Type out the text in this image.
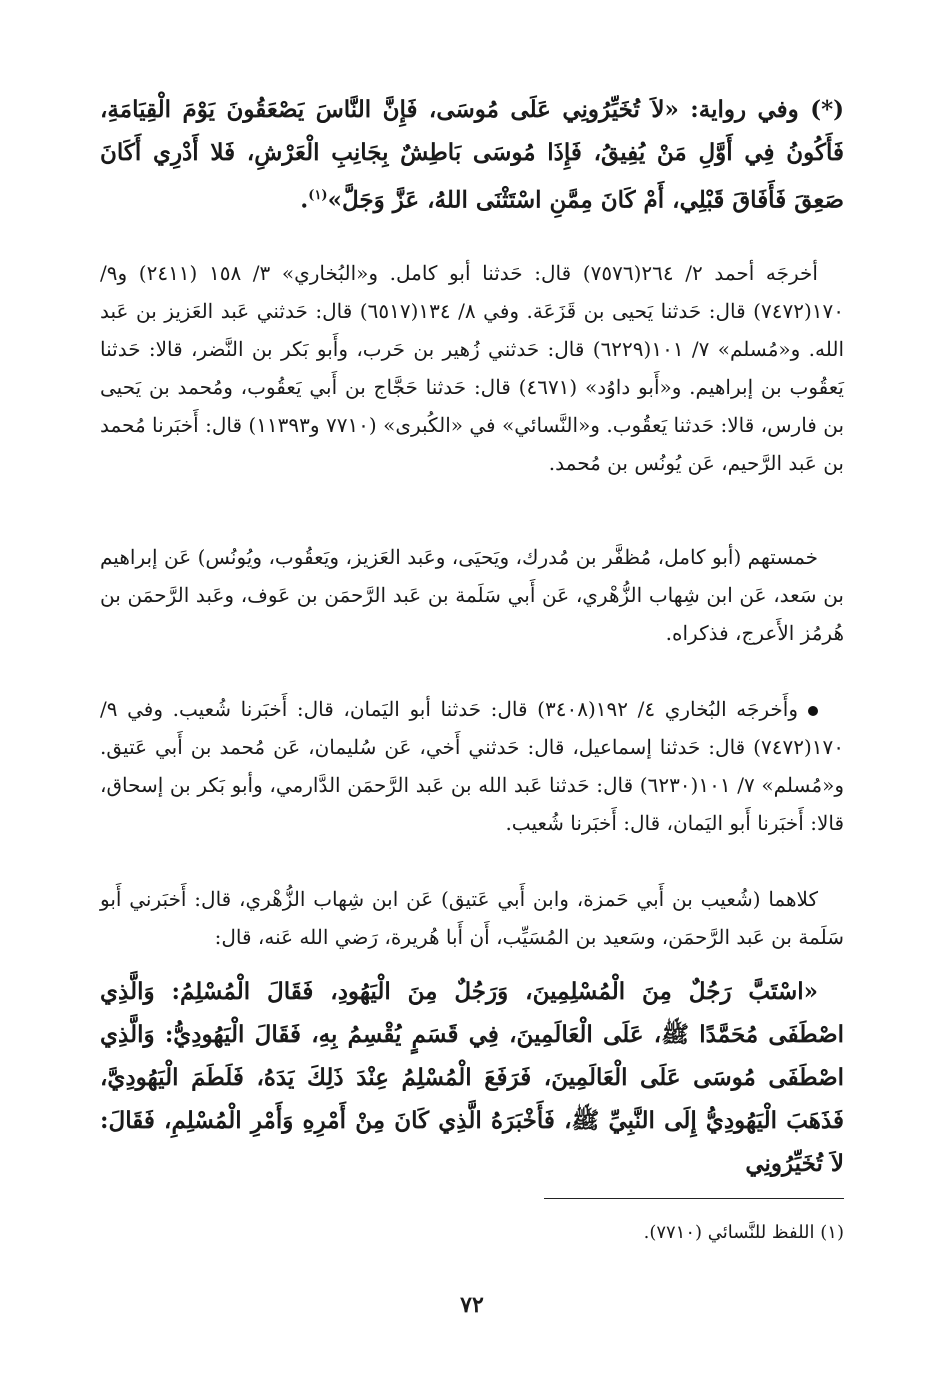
(*) وفي رواية: «لاَ تُخَيِّرُونِي عَلَى مُوسَى، فَإِنَّ النَّاسَ يَصْعَقُونَ يَوْمَ الْقِيَامَةِ، فَأَكُونُ فِي أَوَّلِ مَنْ يُفِيقُ، فَإِذَا مُوسَى بَاطِشٌ بِجَانِبِ الْعَرْشِ، فَلا أَدْرِي أَكَانَ صَعِقَ فَأَفَاقَ قَبْلِي، أَمْ كَانَ مِمَّنِ اسْتَثْنَى اللهُ، عَزَّ وَجَلَّ»$^{(١)}$.

أخرجَه أحمد ٢/ ٢٦٤(٧٥٧٦) قال: حَدثنا أبو كامل. و«البُخاري» ٣/ ١٥٨ (٢٤١١) و٩/ ١٧٠(٧٤٧٢) قال: حَدثنا يَحيى بن قَزَعَة. وفي ٨/ ١٣٤(٦٥١٧) قال: حَدثني عَبد العَزيز بن عَبد الله. و«مُسلم» ٧/ ١٠١(٦٢٢٩) قال: حَدثني زُهير بن حَرب، وأَبو بَكر بن النَّضر، قالا: حَدثنا يَعقُوب بن إبراهيم. و«أَبو داوُد» (٤٦٧١) قال: حَدثنا حَجَّاج بن أَبي يَعقُوب، ومُحمد بن يَحيى بن فارس، قالا: حَدثنا يَعقُوب. و«النَّسائي» في «الكُبرى» (٧٧١٠ و١١٣٩٣) قال: أَخبَرنا مُحمد بن عَبد الرَّحيم، عَن يُونُس بن مُحمد.

خمستهم (أبو كامل، مُظفَّر بن مُدرك، ويَحيَى، وعَبد العَزيز، ويَعقُوب، ويُونُس) عَن إبراهيم بن سَعد، عَن ابن شِهاب الزُّهْري، عَن أَبي سَلَمة بن عَبد الرَّحمَن بن عَوف، وعَبد الرَّحمَن بن هُرمُز الأَعرج، فذكراه.

وأَخرجَه البُخاري ٤/ ١٩٢(٣٤٠٨) قال: حَدثنا أبو اليَمان، قال: أَخبَرنا شُعيب. وفي ٩/ ١٧٠(٧٤٧٢) قال: حَدثنا إسماعيل، قال: حَدثني أَخي، عَن سُليمان، عَن مُحمد بن أَبي عَتيق. و«مُسلم» ٧/ ١٠١(٦٢٣٠) قال: حَدثنا عَبد الله بن عَبد الرَّحمَن الدَّارمي، وأبو بَكر بن إسحاق، قالا: أَخبَرنا أَبو اليَمان، قال: أَخبَرنا شُعيب.

كلاهما (شُعيب بن أَبي حَمزة، وابن أَبي عَتيق) عَن ابن شِهاب الزُّهْري، قال: أَخبَرني أَبو سَلَمة بن عَبد الرَّحمَن، وسَعيد بن المُسَيِّب، أَن أَبا هُريرة، رَضي الله عَنه، قال:

«اسْتَبَّ رَجُلٌ مِنَ الْمُسْلِمِينَ، وَرَجُلٌ مِنَ الْيَهُودِ، فَقَالَ الْمُسْلِمُ: وَالَّذِي اصْطَفَى مُحَمَّدًا ﷺ، عَلَى الْعَالَمِينَ، فِي قَسَمٍ يُقْسِمُ بِهِ، فَقَالَ الْيَهُودِيُّ: وَالَّذِي اصْطَفَى مُوسَى عَلَى الْعَالَمِينَ، فَرَفَعَ الْمُسْلِمُ عِنْدَ ذَلِكَ يَدَهُ، فَلَطَمَ الْيَهُودِيَّ، فَذَهَبَ الْيَهُودِيُّ إِلَى النَّبِيِّ ﷺ، فَأَخْبَرَهُ الَّذِي كَانَ مِنْ أَمْرِهِ وَأَمْرِ الْمُسْلِمِ، فَقَالَ: لاَ تُخَيِّرُونِي

(١) اللفظ للنَّسائي (٧٧١٠).
٧٢
